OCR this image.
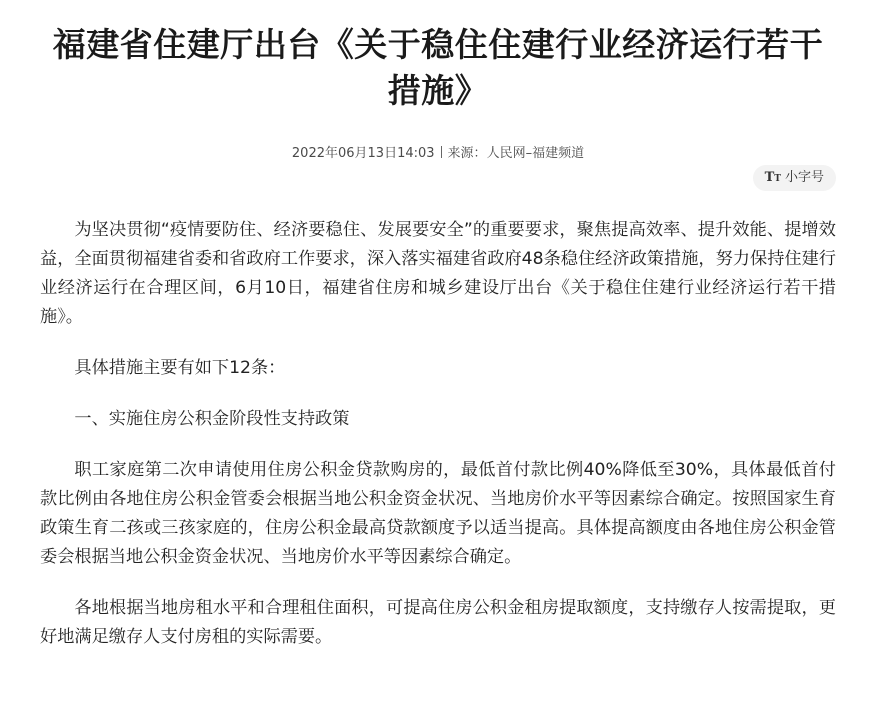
福建省住建厅出台《关于稳住住建行业经济运行若干措施》
2022年06月13日14:03 来源：人民网–福建频道
TT 小字号

为坚决贯彻“疫情要防住、经济要稳住、发展要安全”的重要要求，聚焦提高效率、提升效能、提增效益，全面贯彻福建省委和省政府工作要求，深入落实福建省政府48条稳住经济政策措施，努力保持住建行业经济运行在合理区间，6月10日，福建省住房和城乡建设厅出台《关于稳住住建行业经济运行若干措施》。

具体措施主要有如下12条：

一、实施住房公积金阶段性支持政策

职工家庭第二次申请使用住房公积金贷款购房的，最低首付款比例40%降低至30%，具体最低首付款比例由各地住房公积金管委会根据当地公积金资金状况、当地房价水平等因素综合确定。按照国家生育政策生育二孩或三孩家庭的，住房公积金最高贷款额度予以适当提高。具体提高额度由各地住房公积金管委会根据当地公积金资金状况、当地房价水平等因素综合确定。

各地根据当地房租水平和合理租住面积，可提高住房公积金租房提取额度，支持缴存人按需提取，更好地满足缴存人支付房租的实际需要。
